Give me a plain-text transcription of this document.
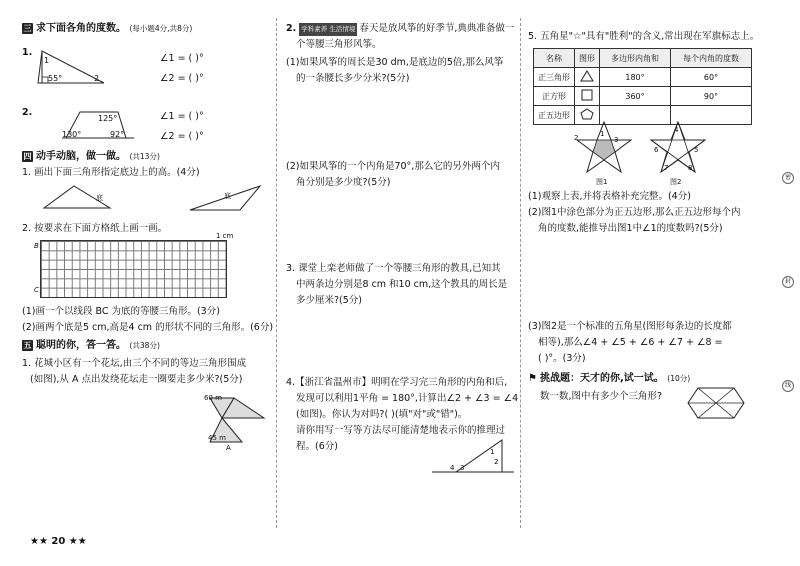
三 求下面各角的度数。 (每小题4分,共8分)
1.
1
55°	2
∠1 = ( )°
∠2 = ( )°
2.
125°
130°	92°
∠1 = ( )°
∠2 = ( )°
四 动手动脑，做一做。 (共13分)
1. 画出下面三角形指定底边上的高。(4分)
底	底
2. 按要求在下面方格纸上画一画。
1 cm
B
C
(1)画一个以线段 BC 为底的等腰三角形。(3分)
(2)画两个底是5 cm,高是4 cm 的形状不同的三角形。(6分)
五 聪明的你，答一答。 (共38分)
1. 花城小区有一个花坛,由三个不同的等边三角形围成
(如图),从 A 点出发绕花坛走一圈要走多少米?(5分)
60 m
45 m
A
2. 学科素养 生活情境 春天是放风筝的好季节,典典准备做一
个等腰三角形风筝。
(1)如果风筝的周长是30 dm,是底边的5倍,那么风筝
的一条腰长多少分米?(5分)
(2)如果风筝的一个内角是70°,那么它的另外两个内
角分别是多少度?(5分)
3. 课堂上栾老师做了一个等腰三角形的教具,已知其
中两条边分别是8 cm 和10 cm,这个教具的周长是
多少厘米?(5分)
4.【浙江省温州市】明明在学习完三角形的内角和后,
发现可以利用1平角 = 180°,计算出∠2 + ∠3 = ∠4
(如图)。你认为对吗?( )(填"对"或"错")。
请你用写一写等方法尽可能清楚地表示你的推理过
程。(6分)	1
2
3
4
5. 五角星"☆"具有"胜利"的含义,常出现在军旗标志上。
名称	图形	多边形内角和	每个内角的度数
正三角形		180°	60°
正方形		360°	90°
正五边形			
2	1
3
图1
4
6	5
7	8
图2
(1)观察上表,并将表格补充完整。(4分)
(2)图1中涂色部分为正五边形,那么正五边形每个内
角的度数,能推导出图1中∠1的度数吗?(5分)
(3)图2是一个标准的五角星(图形每条边的长度都
相等),那么∠4 + ∠5 + ∠6 + ∠7 + ∠8 =
( )°。(3分)
⚑ 挑战题：天才的你,试一试。 (10分)
数一数,图中有多少个三角形?
密
封
线
★★ 20 ★★
